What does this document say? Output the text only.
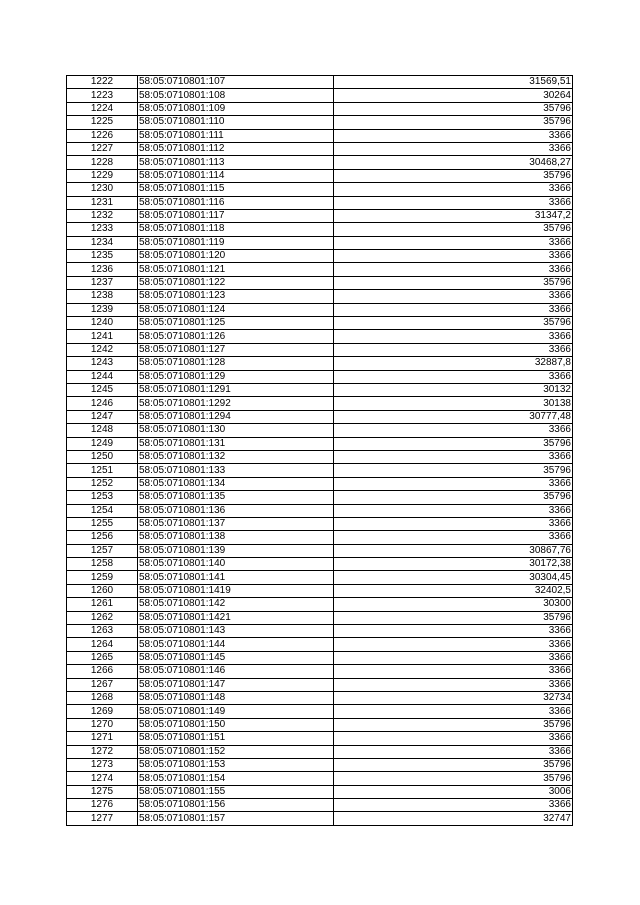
1222	58:05:0710801:107	31569,51
1223	58:05:0710801:108	30264
1224	58:05:0710801:109	35796
1225	58:05:0710801:110	35796
1226	58:05:0710801:111	3366
1227	58:05:0710801:112	3366
1228	58:05:0710801:113	30468,27
1229	58:05:0710801:114	35796
1230	58:05:0710801:115	3366
1231	58:05:0710801:116	3366
1232	58:05:0710801:117	31347,2
1233	58:05:0710801:118	35796
1234	58:05:0710801:119	3366
1235	58:05:0710801:120	3366
1236	58:05:0710801:121	3366
1237	58:05:0710801:122	35796
1238	58:05:0710801:123	3366
1239	58:05:0710801:124	3366
1240	58:05:0710801:125	35796
1241	58:05:0710801:126	3366
1242	58:05:0710801:127	3366
1243	58:05:0710801:128	32887,8
1244	58:05:0710801:129	3366
1245	58:05:0710801:1291	30132
1246	58:05:0710801:1292	30138
1247	58:05:0710801:1294	30777,48
1248	58:05:0710801:130	3366
1249	58:05:0710801:131	35796
1250	58:05:0710801:132	3366
1251	58:05:0710801:133	35796
1252	58:05:0710801:134	3366
1253	58:05:0710801:135	35796
1254	58:05:0710801:136	3366
1255	58:05:0710801:137	3366
1256	58:05:0710801:138	3366
1257	58:05:0710801:139	30867,76
1258	58:05:0710801:140	30172,38
1259	58:05:0710801:141	30304,45
1260	58:05:0710801:1419	32402,5
1261	58:05:0710801:142	30300
1262	58:05:0710801:1421	35796
1263	58:05:0710801:143	3366
1264	58:05:0710801:144	3366
1265	58:05:0710801:145	3366
1266	58:05:0710801:146	3366
1267	58:05:0710801:147	3366
1268	58:05:0710801:148	32734
1269	58:05:0710801:149	3366
1270	58:05:0710801:150	35796
1271	58:05:0710801:151	3366
1272	58:05:0710801:152	3366
1273	58:05:0710801:153	35796
1274	58:05:0710801:154	35796
1275	58:05:0710801:155	3006
1276	58:05:0710801:156	3366
1277	58:05:0710801:157	32747
